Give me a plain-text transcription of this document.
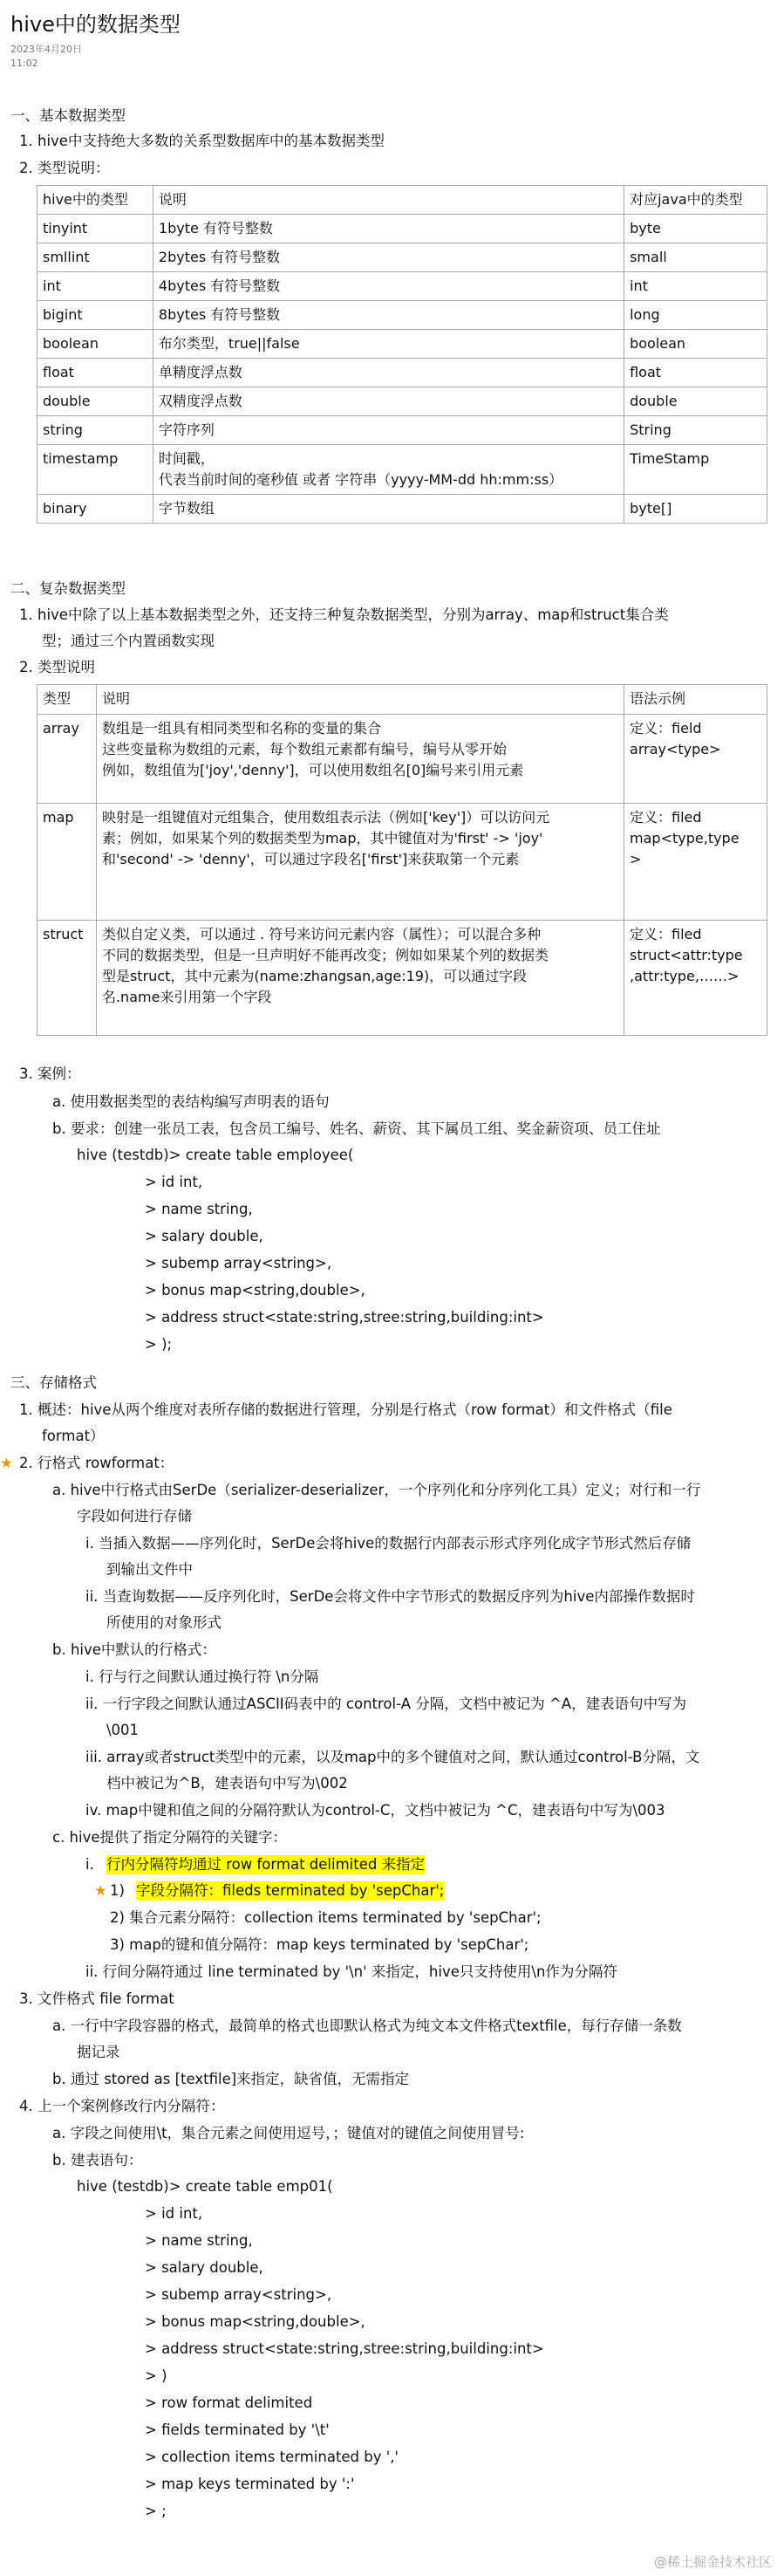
hive中的数据类型
2023年4月20日
11:02
一、基本数据类型
1. hive中支持绝大多数的关系型数据库中的基本数据类型
2. 类型说明：
hive中的类型	说明	对应java中的类型
tinyint	1byte 有符号整数	byte
smllint	2bytes 有符号整数	small
int	4bytes 有符号整数	int
bigint	8bytes 有符号整数	long
boolean	布尔类型，true||false	boolean
float	单精度浮点数	float
double	双精度浮点数	double
string	字符序列	String
timestamp	时间戳，
代表当前时间的毫秒值 或者 字符串（yyyy-MM-dd hh:mm:ss）	TimeStamp
binary	字节数组	byte[]
二、复杂数据类型
1. hive中除了以上基本数据类型之外，还支持三种复杂数据类型，分别为array、map和struct集合类
型；通过三个内置函数实现
2. 类型说明
类型	说明	语法示例
array	数组是一组具有相同类型和名称的变量的集合
这些变量称为数组的元素，每个数组元素都有编号，编号从零开始
例如，数组值为['joy','denny']，可以使用数组名[0]编号来引用元素	定义：field
array<type>
map	映射是一组键值对元组集合，使用数组表示法（例如['key']）可以访问元
素；例如，如果某个列的数据类型为map，其中键值对为'first' -> 'joy'
和'second' -> 'denny'，可以通过字段名['first']来获取第一个元素	定义：filed
map<type,type
>
struct	类似自定义类，可以通过 . 符号来访问元素内容（属性）；可以混合多种
不同的数据类型，但是一旦声明好不能再改变；例如如果某个列的数据类
型是struct，其中元素为(name:zhangsan,age:19)，可以通过字段
名.name来引用第一个字段	定义：filed
struct<attr:type
,attr:type,……>
3. 案例：
a. 使用数据类型的表结构编写声明表的语句
b. 要求：创建一张员工表，包含员工编号、姓名、薪资、其下属员工组、奖金薪资项、员工住址
hive (testdb)> create table employee(
> id int,
> name string,
> salary double,
> subemp array<string>,
> bonus map<string,double>,
> address struct<state:string,stree:string,building:int>
> );
三、存储格式
1. 概述：hive从两个维度对表所存储的数据进行管理，分别是行格式（row format）和文件格式（file
format）
★ 2. 行格式 rowformat：
a. hive中行格式由SerDe（serializer-deserializer，一个序列化和分序列化工具）定义；对行和一行
字段如何进行存储
i. 当插入数据——序列化时，SerDe会将hive的数据行内部表示形式序列化成字节形式然后存储
到输出文件中
ii. 当查询数据——反序列化时，SerDe会将文件中字节形式的数据反序列为hive内部操作数据时
所使用的对象形式
b. hive中默认的行格式：
i. 行与行之间默认通过换行符 \n分隔
ii. 一行字段之间默认通过ASCII码表中的 control-A 分隔，文档中被记为 ^A，建表语句中写为
\001
iii. array或者struct类型中的元素，以及map中的多个键值对之间，默认通过control-B分隔，文
档中被记为^B，建表语句中写为\002
iv. map中键和值之间的分隔符默认为control-C，文档中被记为 ^C，建表语句中写为\003
c. hive提供了指定分隔符的关键字：
i. 行内分隔符均通过 row format delimited 来指定
★ 1) 字段分隔符：fileds terminated by 'sepChar';
2) 集合元素分隔符：collection items terminated by 'sepChar';
3) map的键和值分隔符：map keys terminated by 'sepChar';
ii. 行间分隔符通过 line terminated by '\n' 来指定，hive只支持使用\n作为分隔符
3. 文件格式 file format
a. 一行中字段容器的格式，最简单的格式也即默认格式为纯文本文件格式textfile，每行存储一条数
据记录
b. 通过 stored as [textfile]来指定，缺省值，无需指定
4. 上一个案例修改行内分隔符：
a. 字段之间使用\t，集合元素之间使用逗号，；键值对的键值之间使用冒号:
b. 建表语句：
hive (testdb)> create table emp01(
> id int,
> name string,
> salary double,
> subemp array<string>,
> bonus map<string,double>,
> address struct<state:string,stree:string,building:int>
> )
> row format delimited
> fields terminated by '\t'
> collection items terminated by ','
> map keys terminated by ':'
> ;
@稀土掘金技术社区
